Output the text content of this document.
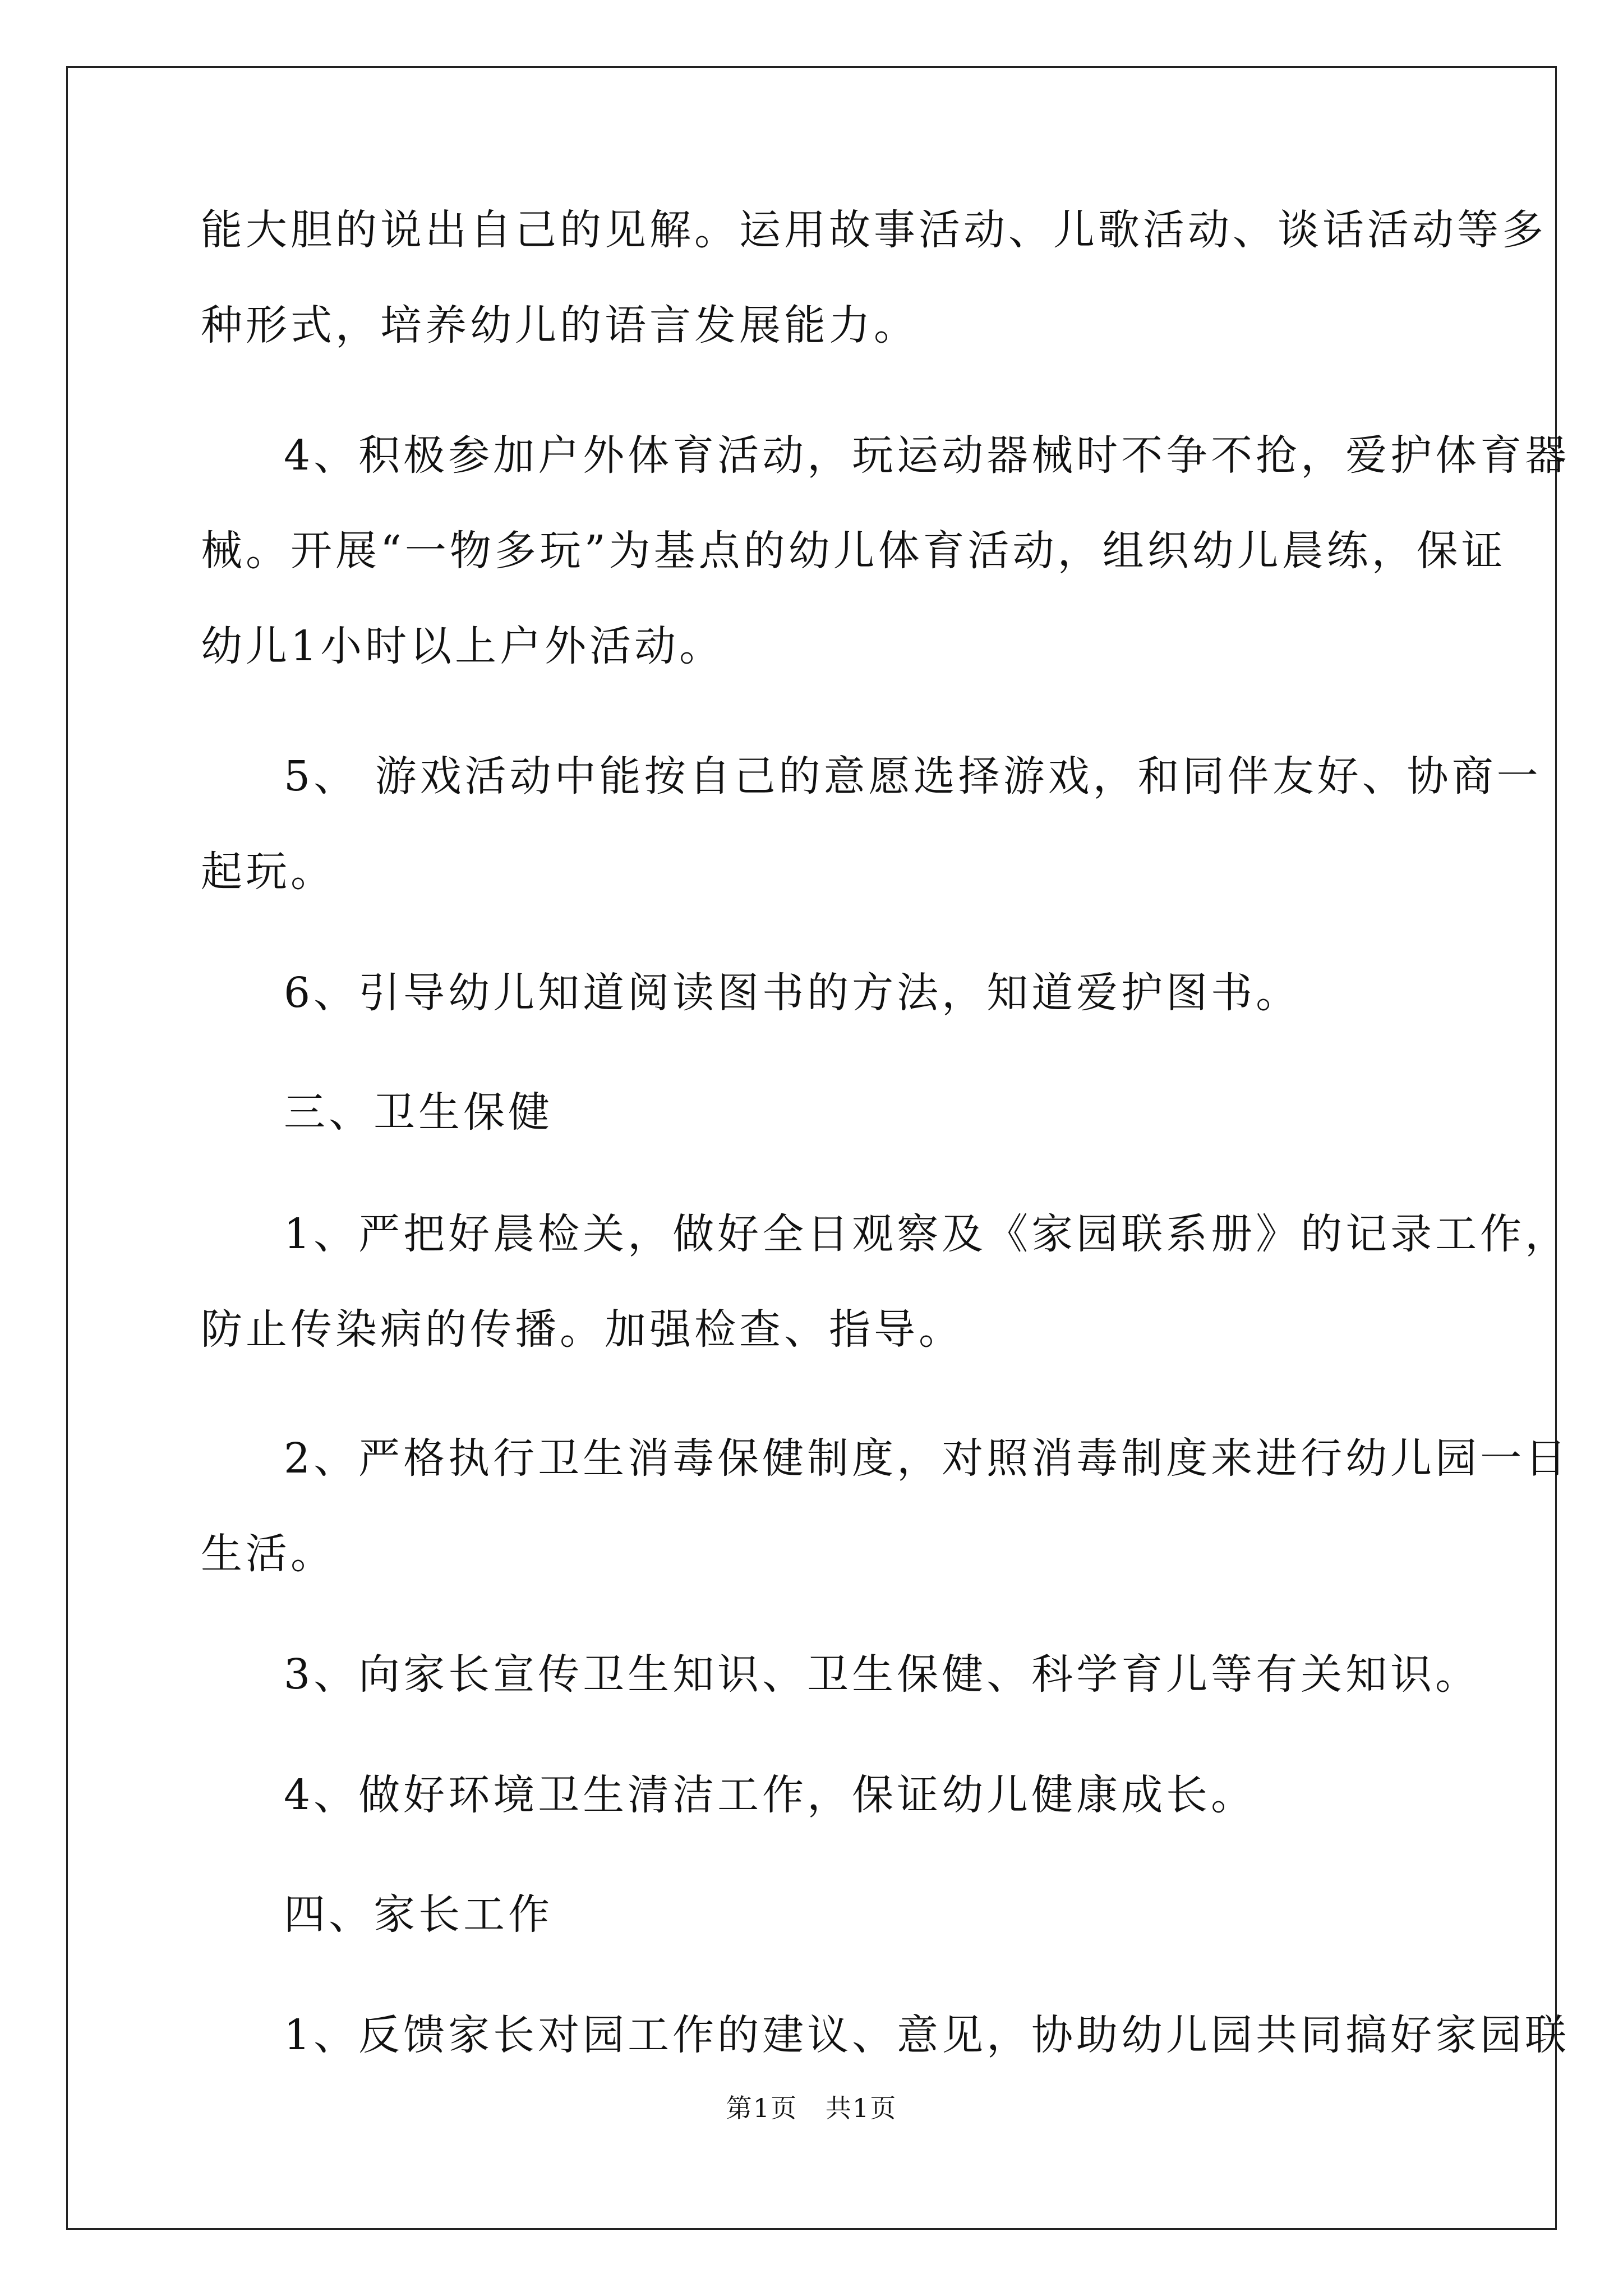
能大胆的说出自己的见解。运用故事活动、儿歌活动、谈话活动等多
种形式，培养幼儿的语言发展能力。
4、积极参加户外体育活动，玩运动器械时不争不抢，爱护体育器
械。开展“一物多玩”为基点的幼儿体育活动，组织幼儿晨练，保证
幼儿1小时以上户外活动。
5、 游戏活动中能按自己的意愿选择游戏，和同伴友好、协商一
起玩。
6、引导幼儿知道阅读图书的方法，知道爱护图书。
三、卫生保健
1、严把好晨检关，做好全日观察及《家园联系册》的记录工作，
防止传染病的传播。加强检查、指导。
2、严格执行卫生消毒保健制度，对照消毒制度来进行幼儿园一日
生活。
3、向家长宣传卫生知识、卫生保健、科学育儿等有关知识。
4、做好环境卫生清洁工作，保证幼儿健康成长。
四、家长工作
1、反馈家长对园工作的建议、意见，协助幼儿园共同搞好家园联
第1页   共1页
